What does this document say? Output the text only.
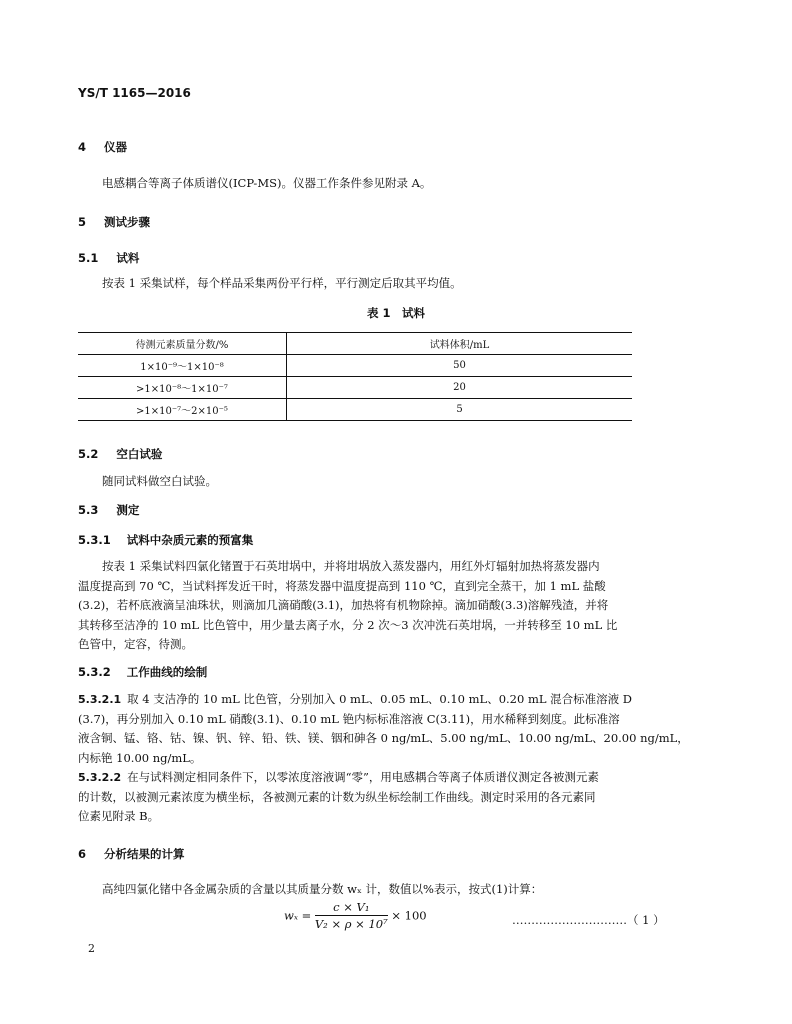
YS/T 1165—2016
4 仪器
电感耦合等离子体质谱仪(ICP-MS)。仪器工作条件参见附录 A。
5 测试步骤
5.1 试料
按表 1 采集试样，每个样品采集两份平行样，平行测定后取其平均值。
表 1　试料
待测元素质量分数/%	试料体积/mL
1×10⁻⁹～1×10⁻⁸	50
>1×10⁻⁸～1×10⁻⁷	20
>1×10⁻⁷～2×10⁻⁵	5
5.2 空白试验
随同试料做空白试验。
5.3 测定
5.3.1 试料中杂质元素的预富集
按表 1 采集试料四氯化锗置于石英坩埚中，并将坩埚放入蒸发器内，用红外灯辐射加热将蒸发器内
温度提高到 70 ℃，当试料挥发近干时，将蒸发器中温度提高到 110 ℃，直到完全蒸干，加 1 mL 盐酸
(3.2)，若杯底液滴呈油珠状，则滴加几滴硝酸(3.1)，加热将有机物除掉。滴加硝酸(3.3)溶解残渣，并将
其转移至洁净的 10 mL 比色管中，用少量去离子水，分 2 次～3 次冲洗石英坩埚，一并转移至 10 mL 比
色管中，定容，待测。
5.3.2 工作曲线的绘制
5.3.2.1 取 4 支洁净的 10 mL 比色管，分别加入 0 mL、0.05 mL、0.10 mL、0.20 mL 混合标准溶液 D
(3.7)，再分别加入 0.10 mL 硝酸(3.1)、0.10 mL 铯内标标准溶液 C(3.11)，用水稀释到刻度。此标准溶
液含铜、锰、铬、钴、镍、钒、锌、铅、铁、镁、铟和砷各 0 ng/mL、5.00 ng/mL、10.00 ng/mL、20.00 ng/mL，
内标铯 10.00 ng/mL。
5.3.2.2 在与试料测定相同条件下，以零浓度溶液调“零”，用电感耦合等离子体质谱仪测定各被测元素
的计数，以被测元素浓度为横坐标，各被测元素的计数为纵坐标绘制工作曲线。测定时采用的各元素同
位素见附录 B。
6 分析结果的计算
高纯四氯化锗中各金属杂质的含量以其质量分数 wₓ 计，数值以%表示，按式(1)计算：
$w_x = \frac{\text{c × V₁}}{\text{V₂ × ρ × 10⁷}} \times 100$	…………………………（ 1 ）
2
